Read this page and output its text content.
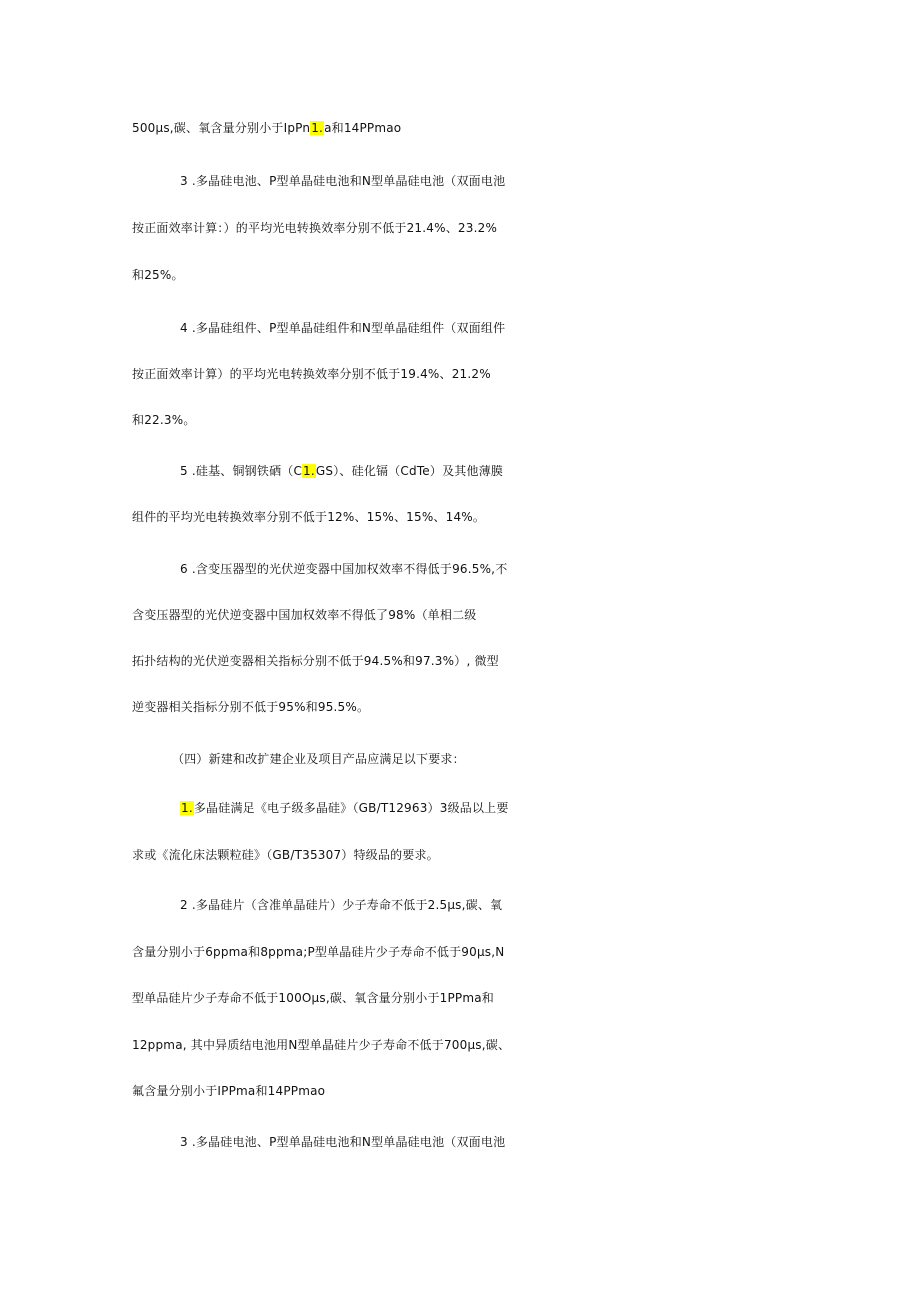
500μs,碳、氧含量分别小于IpPn1.a和14PPmao
3 .多晶硅电池、P型单晶硅电池和N型单晶硅电池（双面电池
按正面效率计算：）的平均光电转换效率分别不低于21.4%、23.2%
和25%。
4 .多晶硅组件、P型单晶硅组件和N型单晶硅组件（双面组件
按正面效率计算）的平均光电转换效率分别不低于19.4%、21.2%
和22.3%。
5 .硅基、铜钢铁硒（C1.GS）、硅化镉（CdTe）及其他薄膜
组件的平均光电转换效率分别不低于12%、15%、15%、14%。
6 .含变压器型的光伏逆变器中国加权效率不得低于96.5%,不
含变压器型的光伏逆变器中国加权效率不得低了98%（单相二级
拓扑结构的光伏逆变器相关指标分别不低于94.5%和97.3%）, 微型
逆变器相关指标分别不低于95%和95.5%。
（四）新建和改扩建企业及项目产品应满足以下要求：
1.多晶硅满足《电子级多晶硅》（GB/T12963）3级品以上要
求或《流化床法颗粒硅》（GB/T35307）特级品的要求。
2 .多晶硅片（含准单晶硅片）少子寿命不低于2.5μs,碳、氧
含量分别小于6ppma和8ppma;P型单晶硅片少子寿命不低于90μs,N
型单品硅片少子寿命不低于100Oμs,碳、氧含量分别小于1PPma和
12ppma, 其中异质结电池用N型单晶硅片少子寿命不低于700μs,碳、
氟含量分别小于IPPma和14PPmao
3 .多晶硅电池、P型单晶硅电池和N型单晶硅电池（双面电池
